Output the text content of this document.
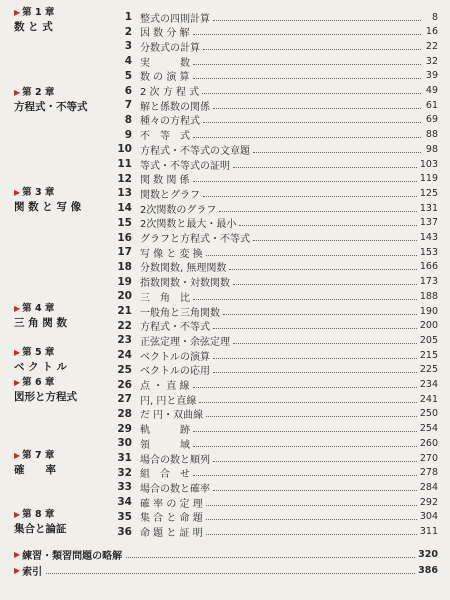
▶ 第 1 章
数 と 式
▶ 第 2 章
方程式・不等式
▶ 第 3 章
関 数 と 写 像
▶ 第 4 章
三 角 関 数
▶ 第 5 章
ベ ク ト ル
▶ 第 6 章
図形と方程式
▶ 第 7 章
確　　率
▶ 第 8 章
集合と論証
1 整式の四則計算	8
2 因 数 分 解	16
3 分数式の計算	22
4 実　　　数	32
5 数 の 演 算	39
6 2 次 方 程 式	49
7 解と係数の関係	61
8 種々の方程式	69
9 不　等　式	88
10 方程式・不等式の文章題	98
11 等式・不等式の証明	103
12 関 数 関 係	119
13 関数とグラフ	125
14 2次関数のグラフ	131
15 2次関数と最大・最小	137
16 グラフと方程式・不等式	143
17 写 像 と 変 換	153
18 分数関数, 無理関数	166
19 指数関数・対数関数	173
20 三　角　比	188
21 一般角と三角関数	190
22 方程式・不等式	200
23 正弦定理・余弦定理	205
24 ベクトルの演算	215
25 ベクトルの応用	225
26 点 ・ 直 線	234
27 円, 円と直線	241
28 だ 円・双曲線	250
29 軌　　　跡	254
30 領　　　域	260
31 場合の数と順列	270
32 組　合　せ	278
33 場合の数と確率	284
34 確 率 の 定 理	292
35 集 合 と 命 題	304
36 命 題 と 証 明	311
▶ 練習・類習問題の略解	320
▶ 索引	386
